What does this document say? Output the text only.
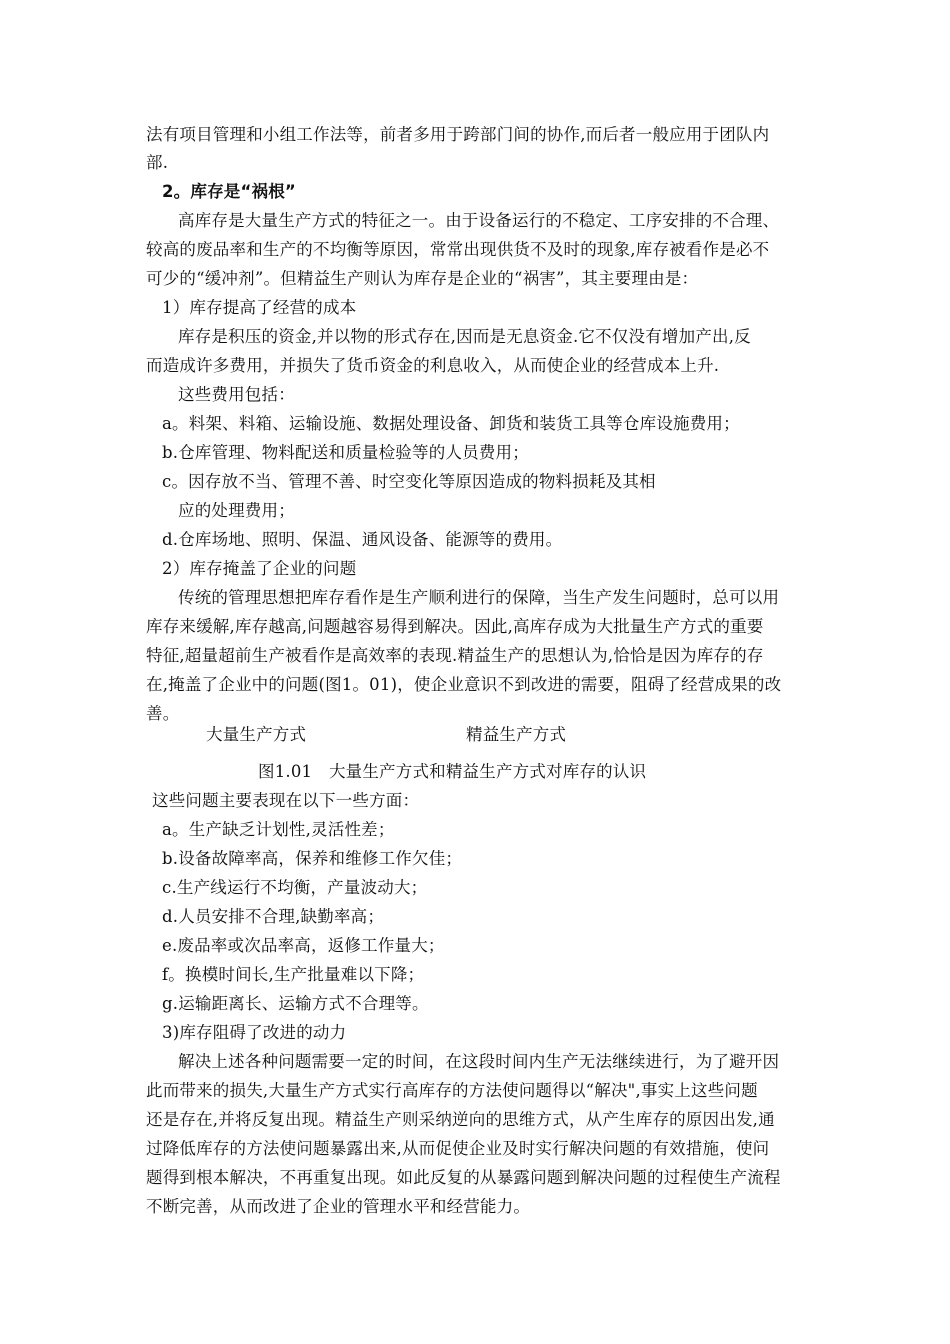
法有项目管理和小组工作法等，前者多用于跨部门间的协作,而后者一般应用于团队内
部.
2。库存是“祸根”
高库存是大量生产方式的特征之一。由于设备运行的不稳定、工序安排的不合理、
较高的废品率和生产的不均衡等原因，常常出现供货不及时的现象,库存被看作是必不
可少的“缓冲剂”。但精益生产则认为库存是企业的“祸害”，其主要理由是：
1）库存提高了经营的成本
库存是积压的资金,并以物的形式存在,因而是无息资金.它不仅没有增加产出,反
而造成许多费用，并损失了货币资金的利息收入，从而使企业的经营成本上升.
这些费用包括：
a。料架、料箱、运输设施、数据处理设备、卸货和装货工具等仓库设施费用；
b.仓库管理、物料配送和质量检验等的人员费用；
c。因存放不当、管理不善、时空变化等原因造成的物料损耗及其相
应的处理费用；
d.仓库场地、照明、保温、通风设备、能源等的费用。
2）库存掩盖了企业的问题
传统的管理思想把库存看作是生产顺利进行的保障，当生产发生问题时，总可以用
库存来缓解,库存越高,问题越容易得到解决。因此,高库存成为大批量生产方式的重要
特征,超量超前生产被看作是高效率的表现.精益生产的思想认为,恰恰是因为库存的存
在,掩盖了企业中的问题(图1。01)，使企业意识不到改进的需要，阻碍了经营成果的改
善。
大量生产方式	精益生产方式
图1.01　大量生产方式和精益生产方式对库存的认识
这些问题主要表现在以下一些方面：
a。生产缺乏计划性,灵活性差；
b.设备故障率高，保养和维修工作欠佳；
c.生产线运行不均衡，产量波动大；
d.人员安排不合理,缺勤率高；
e.废品率或次品率高，返修工作量大；
f。换模时间长,生产批量难以下降；
g.运输距离长、运输方式不合理等。
3)库存阻碍了改进的动力
解决上述各种问题需要一定的时间，在这段时间内生产无法继续进行，为了避开因
此而带来的损失,大量生产方式实行高库存的方法使问题得以“解决",事实上这些问题
还是存在,并将反复出现。精益生产则采纳逆向的思维方式，从产生库存的原因出发,通
过降低库存的方法使问题暴露出来,从而促使企业及时实行解决问题的有效措施，使问
题得到根本解决，不再重复出现。如此反复的从暴露问题到解决问题的过程使生产流程
不断完善，从而改进了企业的管理水平和经营能力。
